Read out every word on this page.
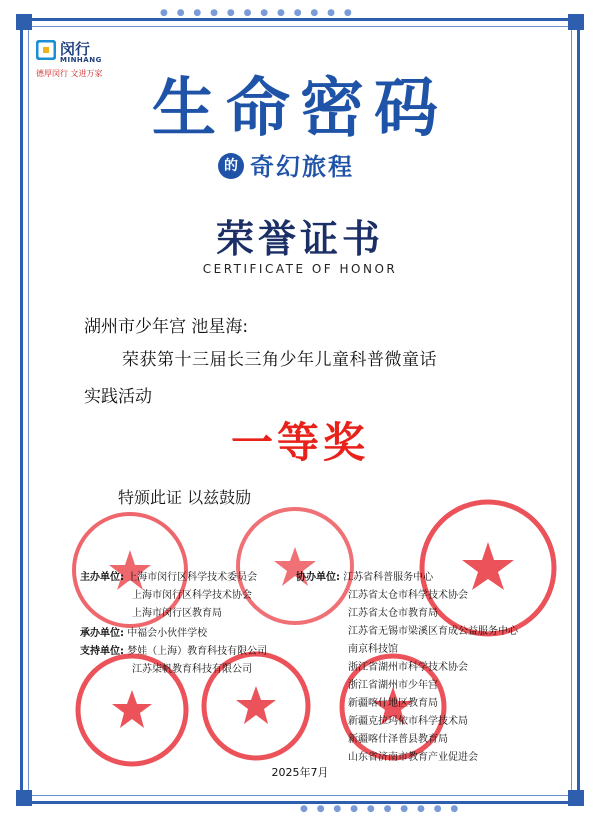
● ● ● ● ● ● ● ● ● ● ● ●
● ● ● ● ● ● ● ● ● ●
闵行
MINHANG
德厚闵行 文进万家 生命密码
的 奇幻旅程
荣誉证书
CERTIFICATE OF HONOR
湖州市少年宫 池星海:
荣获第十三届长三角少年儿童科普微童话
实践活动
一等奖
特颁此证 以兹鼓励
主办单位: 上海市闵行区科学技术委员会
上海市闵行区科学技术协会
上海市闵行区教育局
承办单位: 中福会小伙伴学校
支持单位: 梦娃（上海）教育科技有限公司
江苏柒帆教育科技有限公司
协办单位: 江苏省科普服务中心
江苏省太仓市科学技术协会
江苏省太仓市教育局
江苏省无锡市梁溪区育成公益服务中心
南京科技馆
浙江省湖州市科学技术协会
浙江省湖州市少年宫
新疆喀什地区教育局
新疆克拉玛依市科学技术局
新疆喀什泽普县教育局
山东省济南市教育产业促进会
2025年7月
